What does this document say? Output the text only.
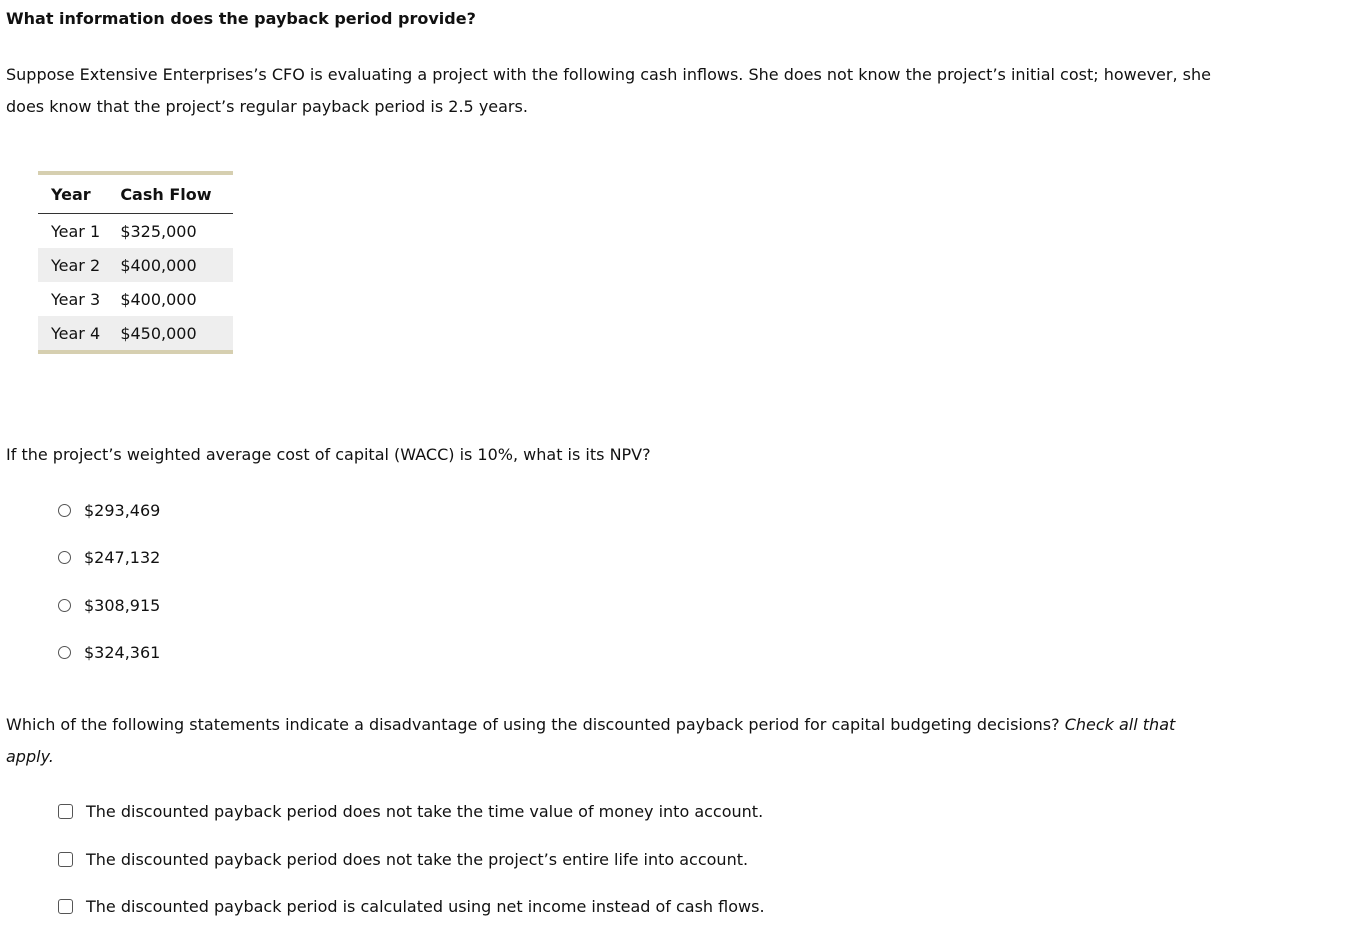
What information does the payback period provide?

Suppose Extensive Enterprises’s CFO is evaluating a project with the following cash inflows. She does not know the project’s initial cost; however, she does know that the project’s regular payback period is 2.5 years.

Year	Cash Flow
Year 1	$325,000
Year 2	$400,000
Year 3	$400,000
Year 4	$450,000

If the project’s weighted average cost of capital (WACC) is 10%, what is its NPV?

$293,469
$247,132
$308,915
$324,361

Which of the following statements indicate a disadvantage of using the discounted payback period for capital budgeting decisions? Check all that apply.

The discounted payback period does not take the time value of money into account.
The discounted payback period does not take the project’s entire life into account.
The discounted payback period is calculated using net income instead of cash flows.
